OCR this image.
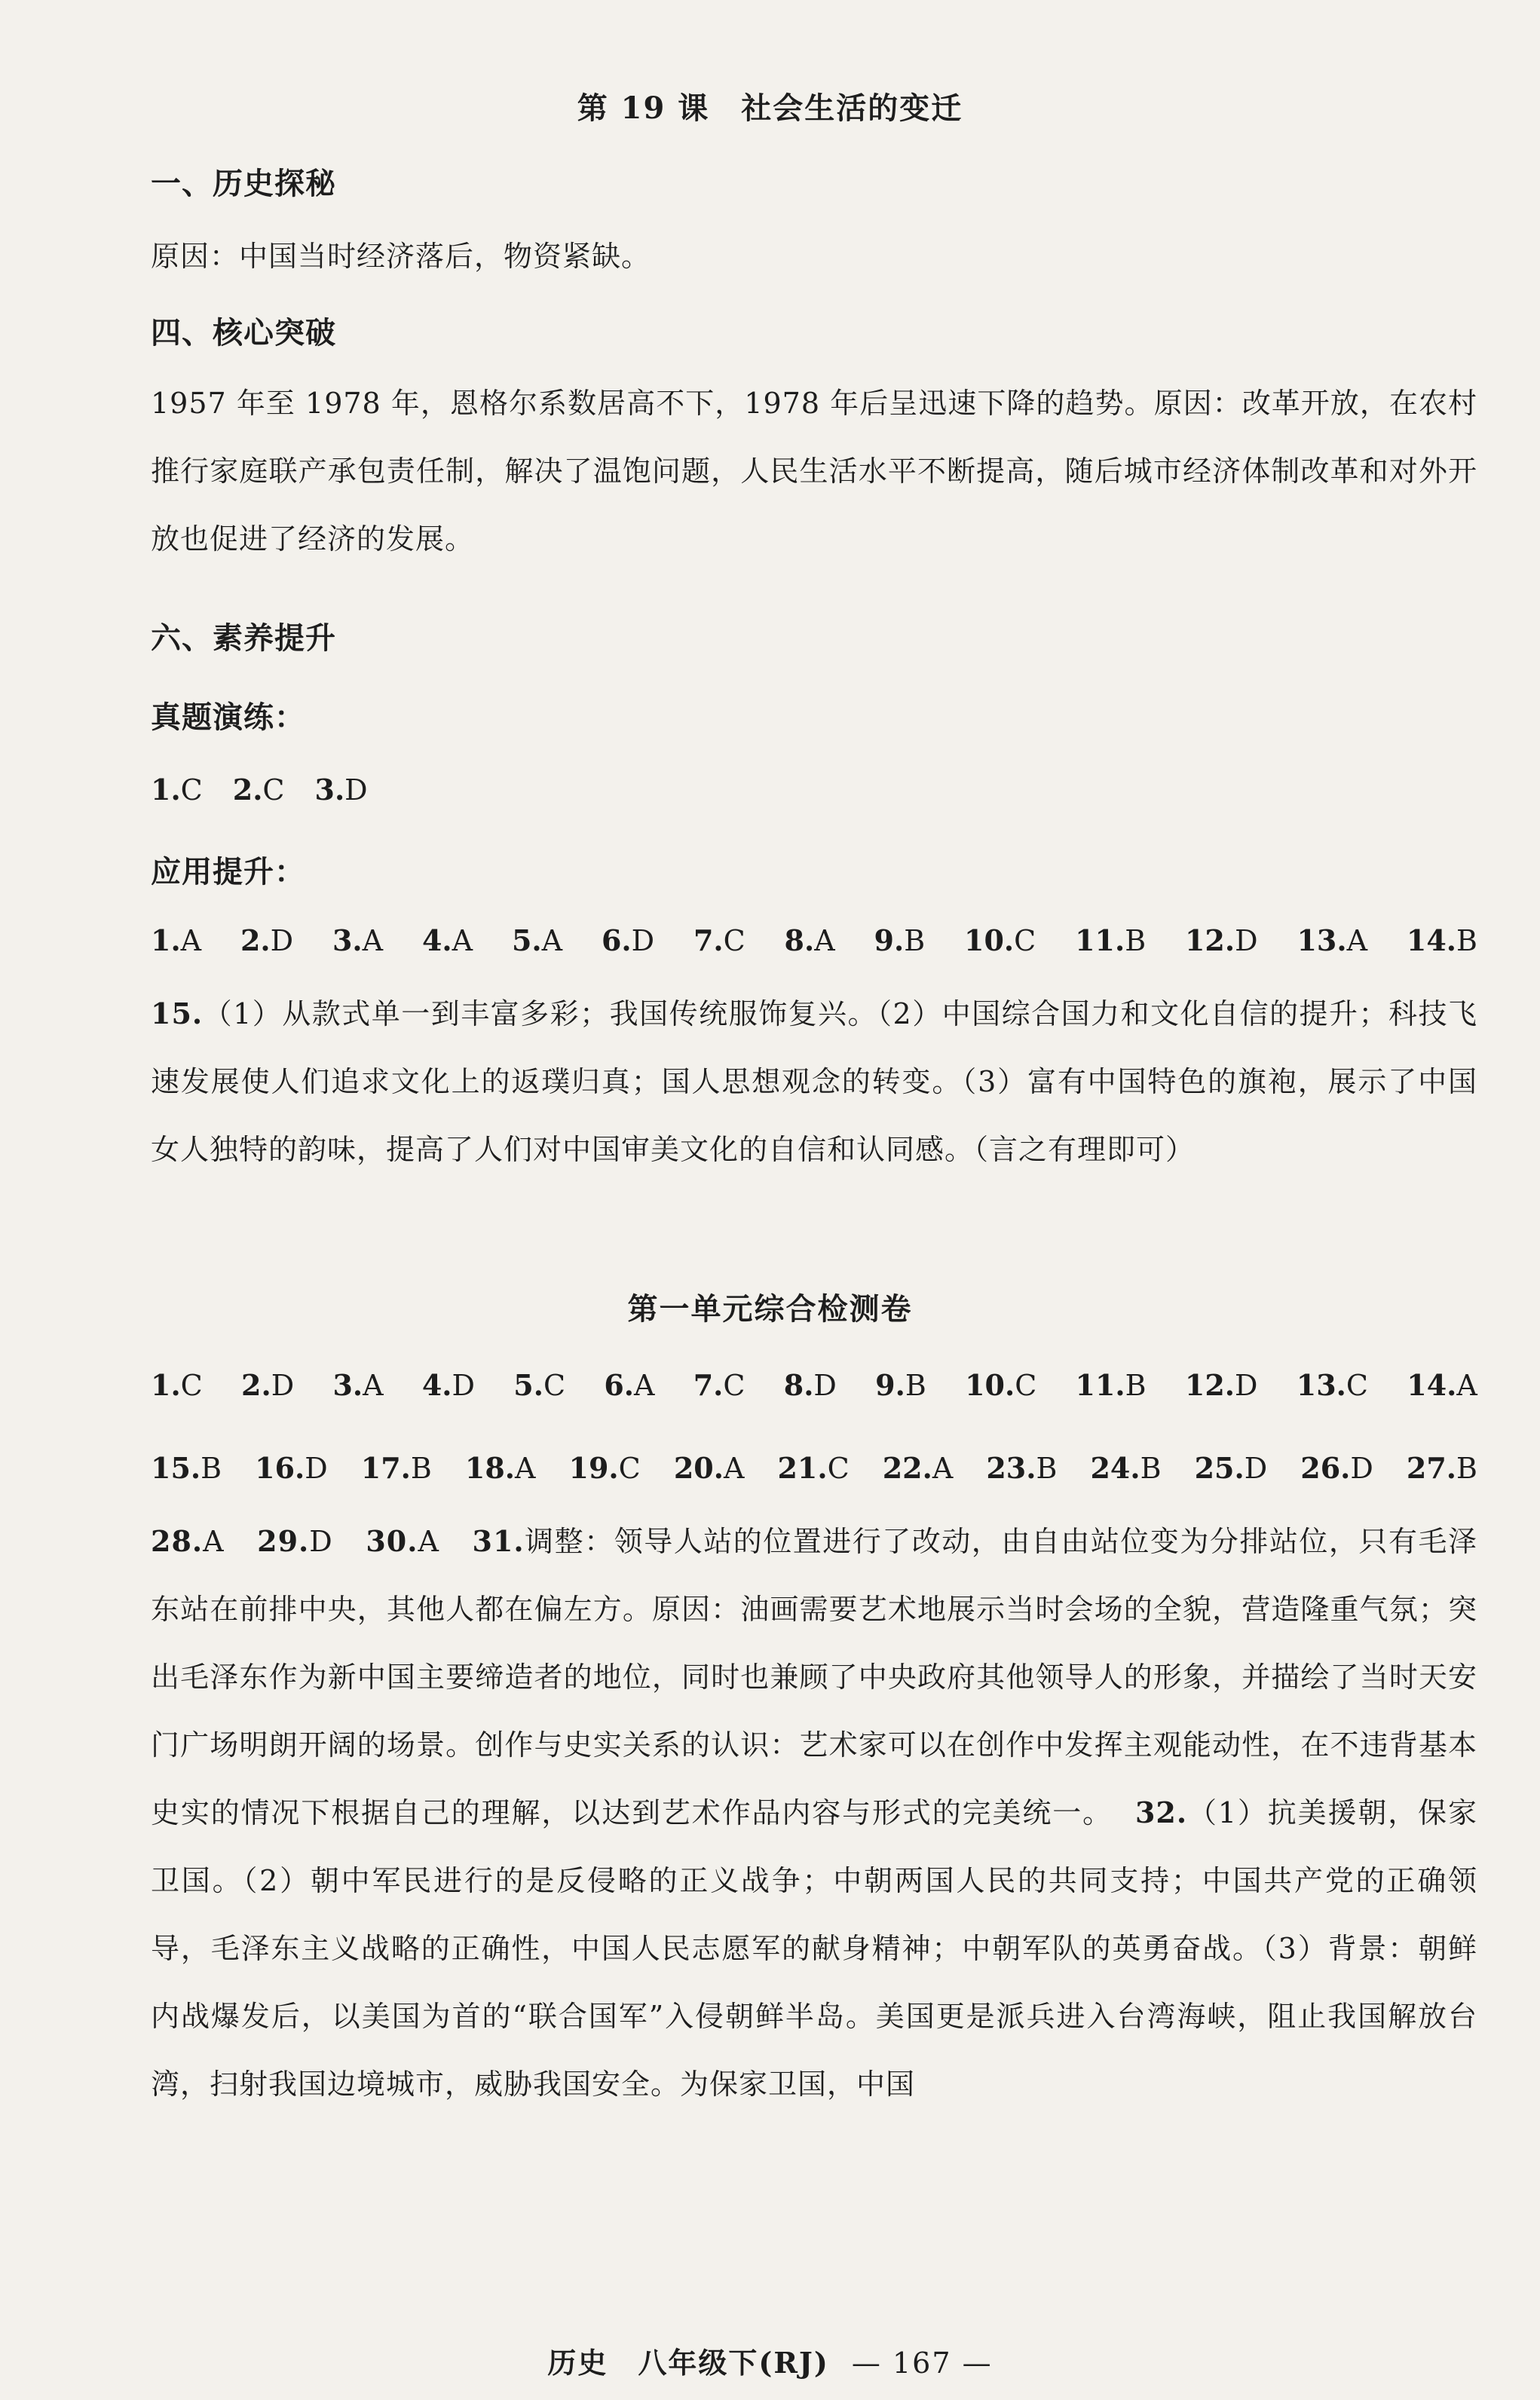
第 19 课　社会生活的变迁
一、历史探秘
原因：中国当时经济落后，物资紧缺。
四、核心突破
1957 年至 1978 年，恩格尔系数居高不下，1978 年后呈迅速下降的趋势。原因：改革开放，在农村推行家庭联产承包责任制，解决了温饱问题，人民生活水平不断提高，随后城市经济体制改革和对外开放也促进了经济的发展。
六、素养提升
真题演练：
1.C 2.C 3.D
应用提升：
1.A 2.D 3.A 4.A 5.A 6.D 7.C 8.A 9.B 10.C 11.B 12.D 13.A 14.B
15.（1）从款式单一到丰富多彩；我国传统服饰复兴。（2）中国综合国力和文化自信的提升；科技飞速发展使人们追求文化上的返璞归真；国人思想观念的转变。（3）富有中国特色的旗袍，展示了中国女人独特的韵味，提高了人们对中国审美文化的自信和认同感。（言之有理即可）
第一单元综合检测卷
1.C 2.D 3.A 4.D 5.C 6.A 7.C 8.D 9.B 10.C 11.B 12.D 13.C 14.A
15.B 16.D 17.B 18.A 19.C 20.A 21.C 22.A 23.B 24.B 25.D 26.D 27.B
28.A 29.D 30.A 31.调整：领导人站的位置进行了改动，由自由站位变为分排站位，只有毛泽东站在前排中央，其他人都在偏左方。原因：油画需要艺术地展示当时会场的全貌，营造隆重气氛；突出毛泽东作为新中国主要缔造者的地位，同时也兼顾了中央政府其他领导人的形象，并描绘了当时天安门广场明朗开阔的场景。创作与史实关系的认识：艺术家可以在创作中发挥主观能动性，在不违背基本史实的情况下根据自己的理解，以达到艺术作品内容与形式的完美统一。 32.（1）抗美援朝，保家卫国。（2）朝中军民进行的是反侵略的正义战争；中朝两国人民的共同支持；中国共产党的正确领导，毛泽东主义战略的正确性，中国人民志愿军的献身精神；中朝军队的英勇奋战。（3）背景：朝鲜内战爆发后，以美国为首的“联合国军”入侵朝鲜半岛。美国更是派兵进入台湾海峡，阻止我国解放台湾，扫射我国边境城市，威胁我国安全。为保家卫国，中国
历史　八年级下(RJ) — 167 —
